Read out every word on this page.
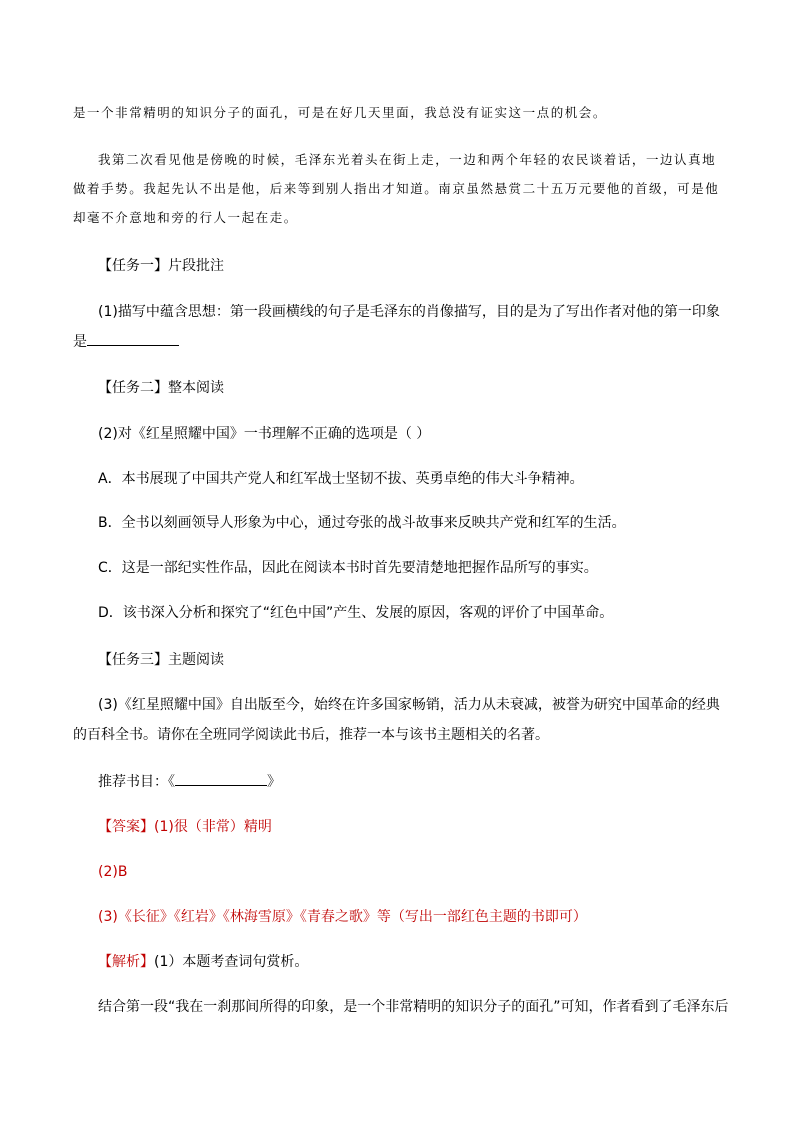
是一个非常精明的知识分子的面孔，可是在好几天里面，我总没有证实这一点的机会。
我第二次看见他是傍晚的时候，毛泽东光着头在街上走，一边和两个年轻的农民谈着话，一边认真地
做着手势。我起先认不出是他，后来等到别人指出才知道。南京虽然悬赏二十五万元要他的首级，可是他
却毫不介意地和旁的行人一起在走。
【任务一】片段批注
(1)描写中蕴含思想：第一段画横线的句子是毛泽东的肖像描写，目的是为了写出作者对他的第一印象
是
【任务二】整本阅读
(2)对《红星照耀中国》一书理解不正确的选项是（ ）
A．本书展现了中国共产党人和红军战士坚韧不拔、英勇卓绝的伟大斗争精神。
B．全书以刻画领导人形象为中心，通过夸张的战斗故事来反映共产党和红军的生活。
C．这是一部纪实性作品，因此在阅读本书时首先要清楚地把握作品所写的事实。
D．该书深入分析和探究了“红色中国”产生、发展的原因，客观的评价了中国革命。
【任务三】主题阅读
(3)《红星照耀中国》自出版至今，始终在许多国家畅销，活力从未衰减，被誉为研究中国革命的经典
的百科全书。请你在全班同学阅读此书后，推荐一本与该书主题相关的名著。
推荐书目：《	》
【答案】(1)很（非常）精明
(2)B
(3)《长征》《红岩》《林海雪原》《青春之歌》等（写出一部红色主题的书即可）
【解析】(1）本题考查词句赏析。
结合第一段“我在一刹那间所得的印象，是一个非常精明的知识分子的面孔”可知，作者看到了毛泽东后
